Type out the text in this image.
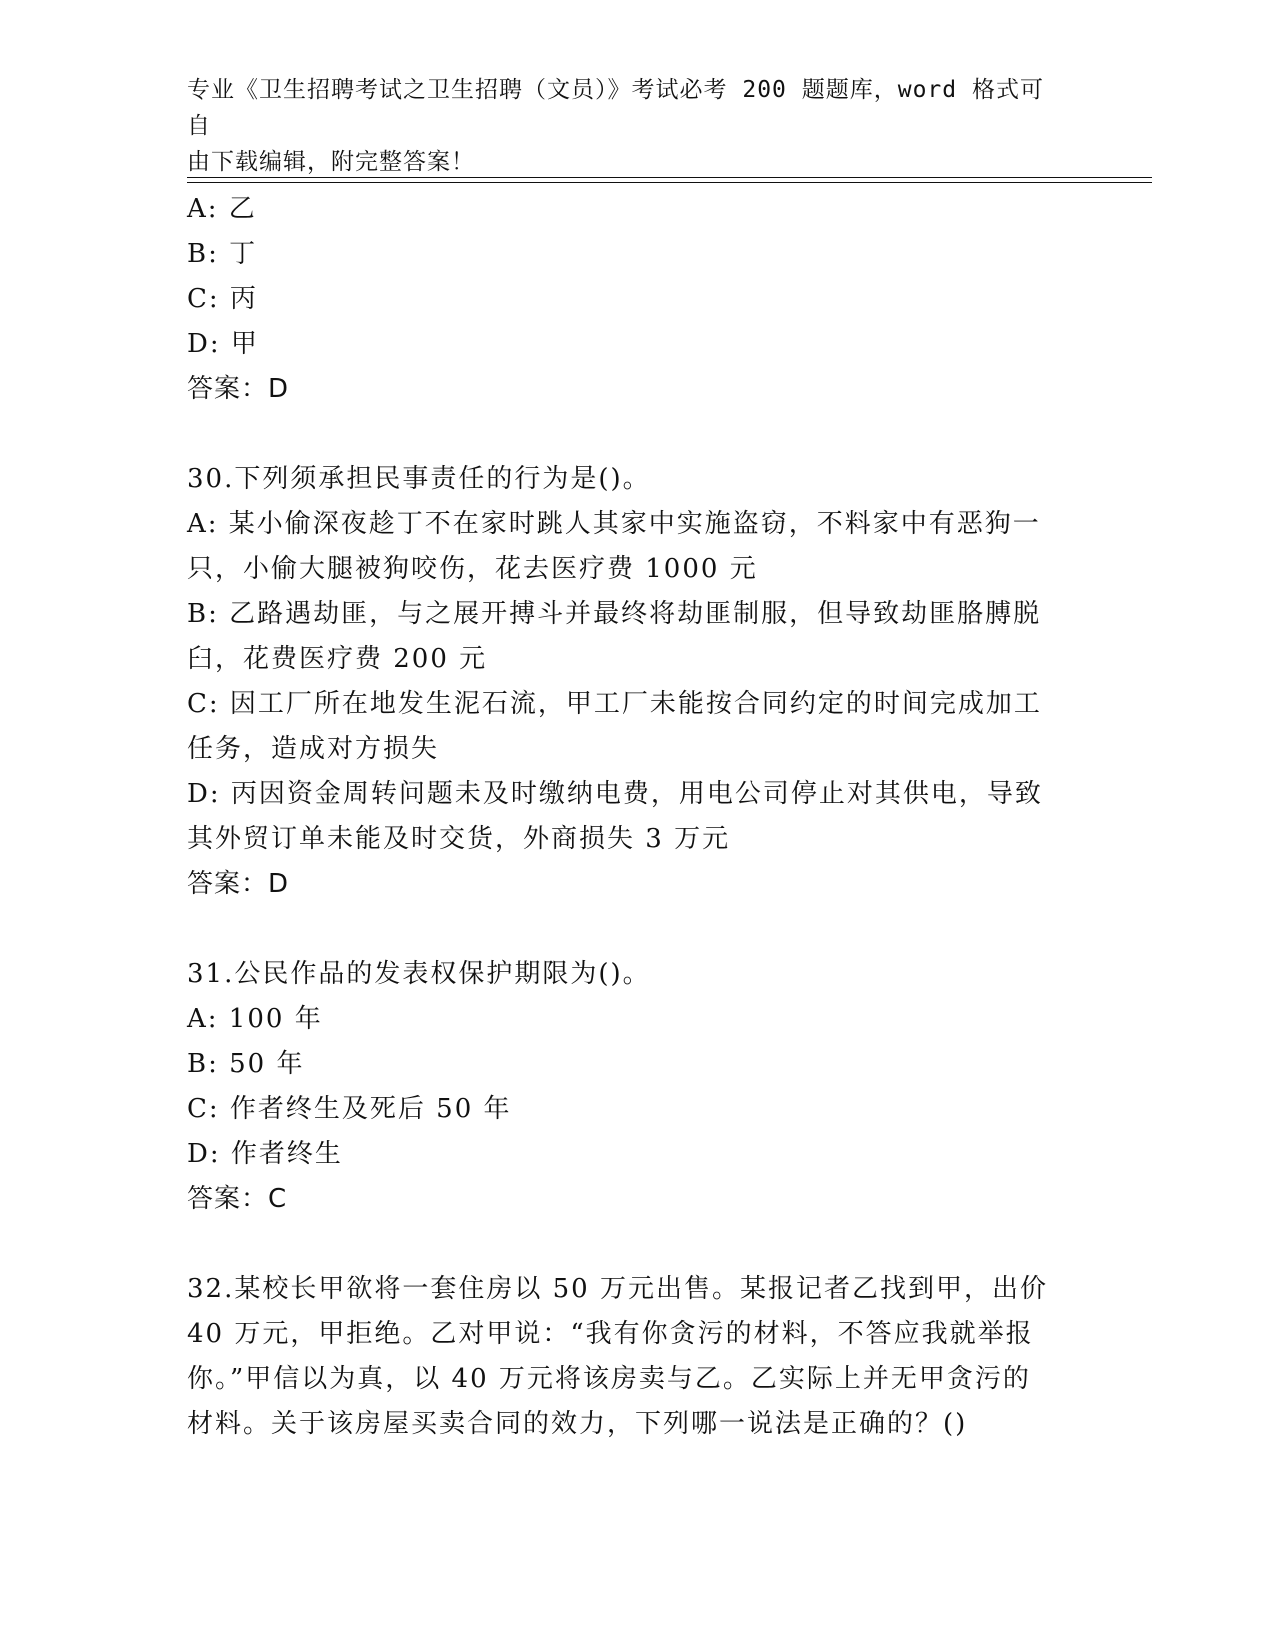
专业《卫生招聘考试之卫生招聘（文员）》考试必考 200 题题库，word 格式可自
由下载编辑，附完整答案！
A: 乙
B: 丁
C: 丙
D: 甲
答案：D
30.下列须承担民事责任的行为是()。
A: 某小偷深夜趁丁不在家时跳人其家中实施盗窃，不料家中有恶狗一
只，小偷大腿被狗咬伤，花去医疗费 1000 元
B: 乙路遇劫匪，与之展开搏斗并最终将劫匪制服，但导致劫匪胳膊脱
臼，花费医疗费 200 元
C: 因工厂所在地发生泥石流，甲工厂未能按合同约定的时间完成加工
任务，造成对方损失
D: 丙因资金周转问题未及时缴纳电费，用电公司停止对其供电，导致
其外贸订单未能及时交货，外商损失 3 万元
答案：D
31.公民作品的发表权保护期限为()。
A: 100 年
B: 50 年
C: 作者终生及死后 50 年
D: 作者终生
答案：C
32.某校长甲欲将一套住房以 50 万元出售。某报记者乙找到甲，出价
40 万元，甲拒绝。乙对甲说：“我有你贪污的材料，不答应我就举报
你。”甲信以为真，以 40 万元将该房卖与乙。乙实际上并无甲贪污的
材料。关于该房屋买卖合同的效力，下列哪一说法是正确的？()
